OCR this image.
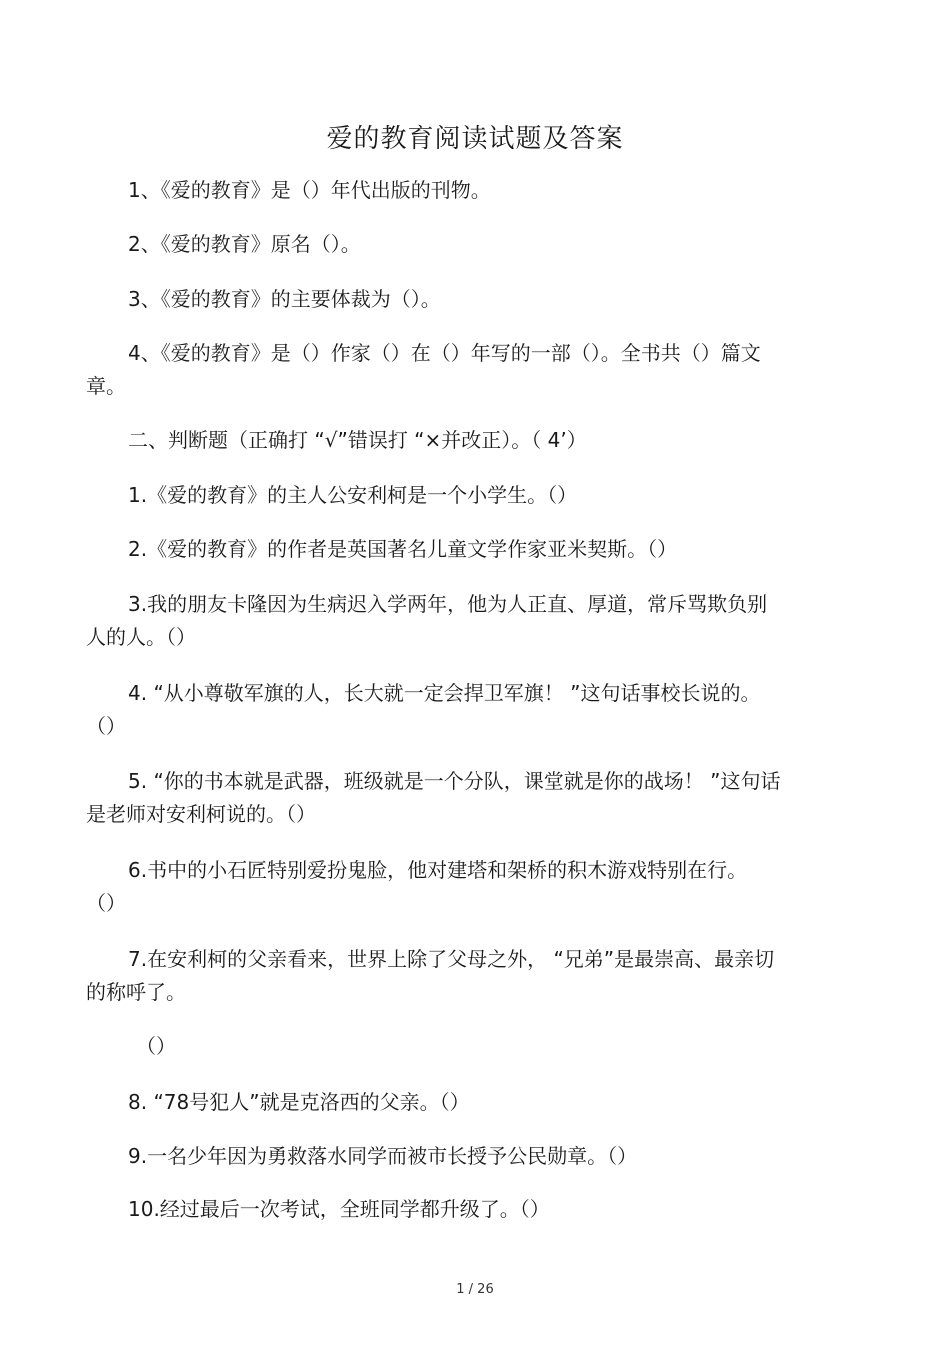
爱的教育阅读试题及答案
1、《爱的教育》是（）年代出版的刊物。
2、《爱的教育》原名（）。
3、《爱的教育》的主要体裁为（）。
4、《爱的教育》是（）作家（）在（）年写的一部（）。全书共（）篇文
章。
二、判断题（正确打 “√”错误打 “×并改正）。（ 4’）
1.《爱的教育》的主人公安利柯是一个小学生。（）
2.《爱的教育》的作者是英国著名儿童文学作家亚米契斯。（）
3.我的朋友卡隆因为生病迟入学两年，他为人正直、厚道，常斥骂欺负别
人的人。（）
4. “从小尊敬军旗的人，长大就一定会捍卫军旗！ ”这句话事校长说的。
（）
5. “你的书本就是武器，班级就是一个分队，课堂就是你的战场！ ”这句话
是老师对安利柯说的。（）
6.书中的小石匠特别爱扮鬼脸，他对建塔和架桥的积木游戏特别在行。
（）
7.在安利柯的父亲看来，世界上除了父母之外， “兄弟”是最崇高、最亲切
的称呼了。
（）
8. “78号犯人”就是克洛西的父亲。（）
9.一名少年因为勇救落水同学而被市长授予公民勋章。（）
10.经过最后一次考试，全班同学都升级了。（）
1 / 26
